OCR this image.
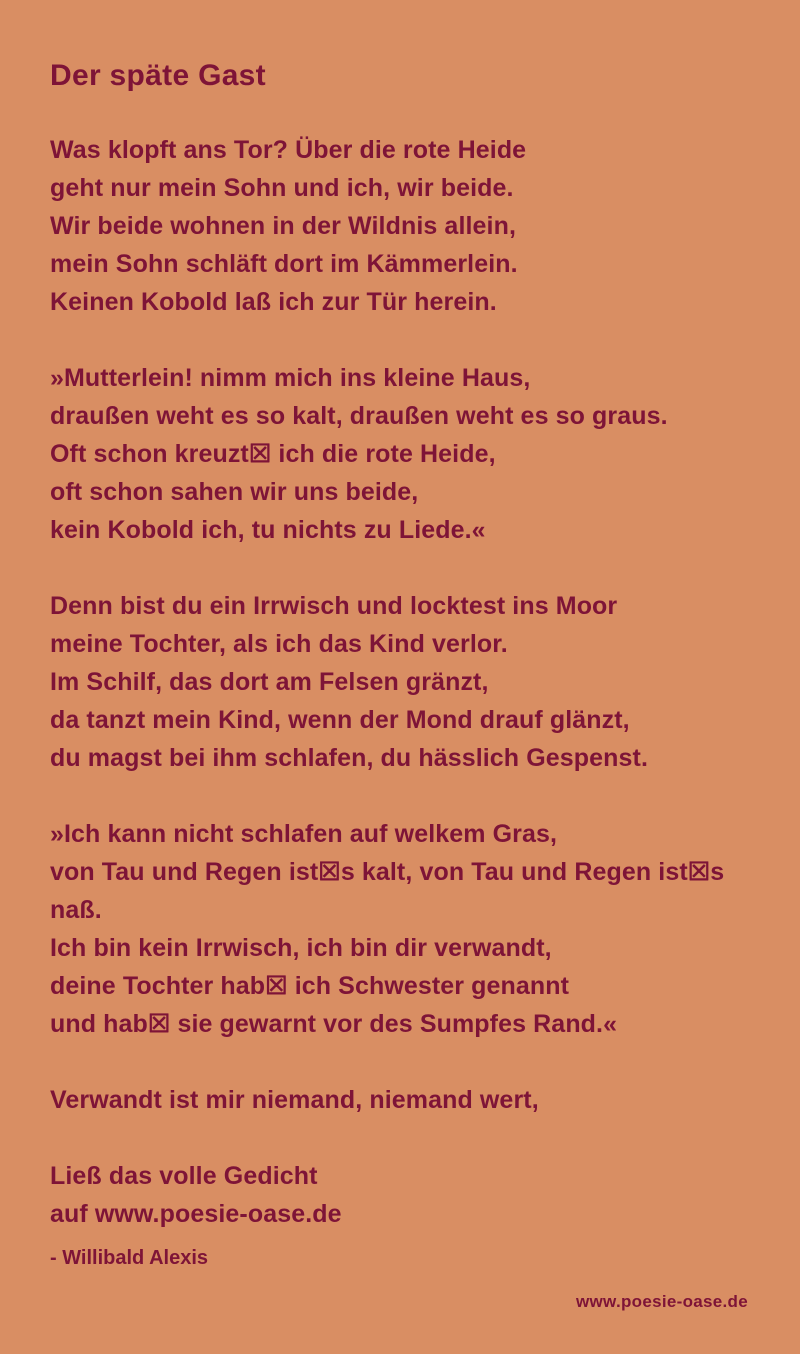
Der späte Gast

Was klopft ans Tor? Über die rote Heide

geht nur mein Sohn und ich, wir beide.

Wir beide wohnen in der Wildnis allein,

mein Sohn schläft dort im Kämmerlein.

Keinen Kobold laß ich zur Tür herein.

»Mutterlein! nimm mich ins kleine Haus,

draußen weht es so kalt, draußen weht es so graus.

Oft schon kreuzt☒ ich die rote Heide,

oft schon sahen wir uns beide,

kein Kobold ich, tu nichts zu Liede.«

Denn bist du ein Irrwisch und locktest ins Moor

meine Tochter, als ich das Kind verlor.

Im Schilf, das dort am Felsen gränzt,

da tanzt mein Kind, wenn der Mond drauf glänzt,

du magst bei ihm schlafen, du hässlich Gespenst.

»Ich kann nicht schlafen auf welkem Gras,

von Tau und Regen ist☒s kalt, von Tau und Regen ist☒s

naß.

Ich bin kein Irrwisch, ich bin dir verwandt,

deine Tochter hab☒ ich Schwester genannt

und hab☒ sie gewarnt vor des Sumpfes Rand.«

Verwandt ist mir niemand, niemand wert,

Ließ das volle Gedicht

auf www.poesie-oase.de

- Willibald Alexis

www.poesie-oase.de
